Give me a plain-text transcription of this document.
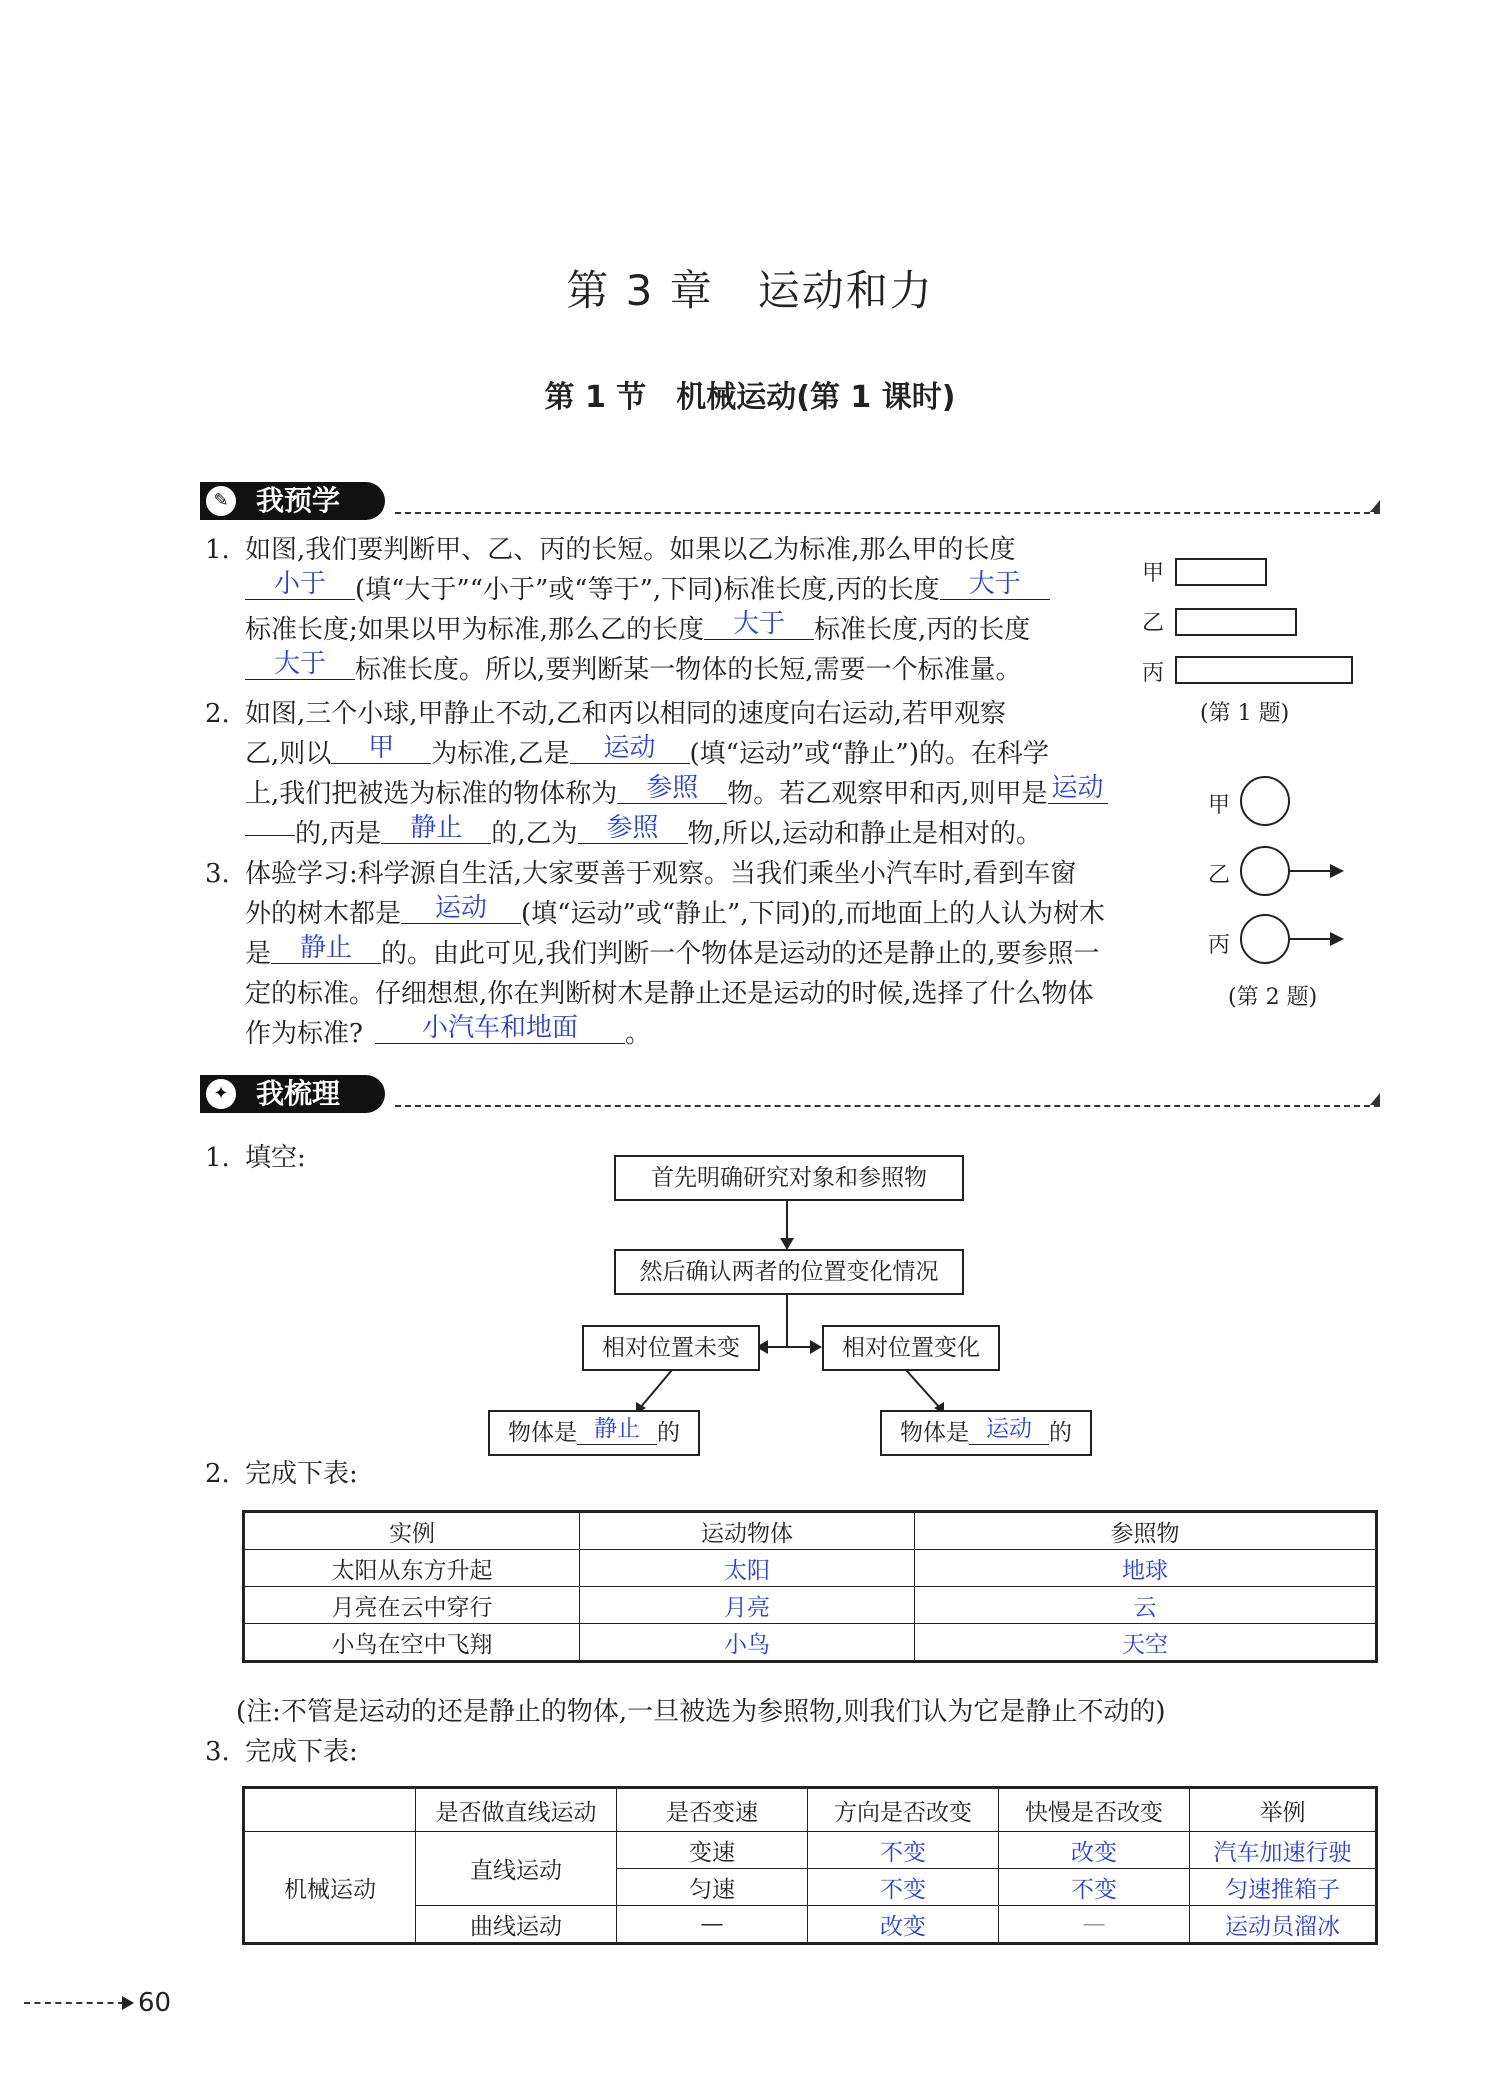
第 3 章 运动和力
第 1 节 机械运动(第 1 课时)
✎ 我预学
1. 如图,我们要判断甲、乙、丙的长短。如果以乙为标准,那么甲的长度
小于 (填“大于”“小于”或“等于”,下同)标准长度,丙的长度 大于
标准长度;如果以甲为标准,那么乙的长度 大于 标准长度,丙的长度
大于 标准长度。所以,要判断某一物体的长短,需要一个标准量。
甲
乙
丙
(第 1 题)
2. 如图,三个小球,甲静止不动,乙和丙以相同的速度向右运动,若甲观察
乙,则以 甲 为标准,乙是 运动 (填“运动”或“静止”)的。在科学
上,我们把被选为标准的物体称为 参照 物。若乙观察甲和丙,则甲是 运动
的,丙是 静止 的,乙为 参照 物,所以,运动和静止是相对的。
甲
乙
丙
(第 2 题)
3. 体验学习:科学源自生活,大家要善于观察。当我们乘坐小汽车时,看到车窗
外的树木都是 运动 (填“运动”或“静止”,下同)的,而地面上的人认为树木
是 静止 的。由此可见,我们判断一个物体是运动的还是静止的,要参照一
定的标准。仔细想想,你在判断树木是静止还是运动的时候,选择了什么物体
作为标准? 小汽车和地面 。
✦ 我梳理
1. 填空:
首先明确研究对象和参照物
然后确认两者的位置变化情况
相对位置未变	相对位置变化
物体是 静止 的	物体是 运动 的
2. 完成下表:
实例	运动物体	参照物
太阳从东方升起	太阳	地球
月亮在云中穿行	月亮	云
小鸟在空中飞翔	小鸟	天空
(注:不管是运动的还是静止的物体,一旦被选为参照物,则我们认为它是静止不动的)
3. 完成下表:
	是否做直线运动	是否变速	方向是否改变	快慢是否改变	举例
机械运动	直线运动	变速	不变	改变	汽车加速行驶
		匀速	不变	不变	匀速推箱子
	曲线运动	—	改变	—	运动员溜冰
60
